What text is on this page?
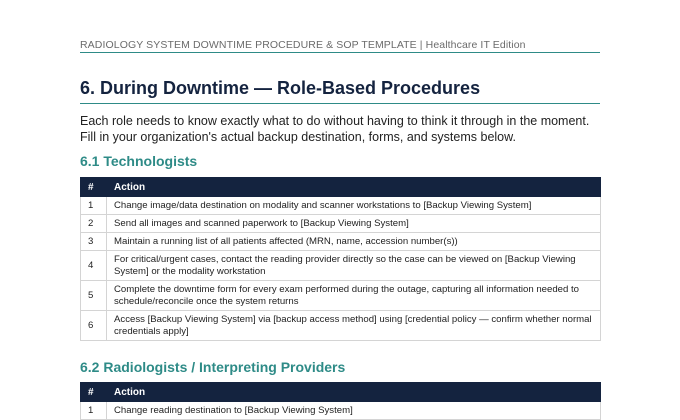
RADIOLOGY SYSTEM DOWNTIME PROCEDURE & SOP TEMPLATE | Healthcare IT Edition
6. During Downtime — Role-Based Procedures

Each role needs to know exactly what to do without having to think it through in the moment. Fill in your organization's actual backup destination, forms, and systems below.

6.1 Technologists
#	Action
1	Change image/data destination on modality and scanner workstations to [Backup Viewing System]
2	Send all images and scanned paperwork to [Backup Viewing System]
3	Maintain a running list of all patients affected (MRN, name, accession number(s))
4	For critical/urgent cases, contact the reading provider directly so the case can be viewed on [Backup Viewing System] or the modality workstation
5	Complete the downtime form for every exam performed during the outage, capturing all information needed to schedule/reconcile once the system returns
6	Access [Backup Viewing System] via [backup access method] using [credential policy — confirm whether normal credentials apply]
6.2 Radiologists / Interpreting Providers
#	Action
1	Change reading destination to [Backup Viewing System]
